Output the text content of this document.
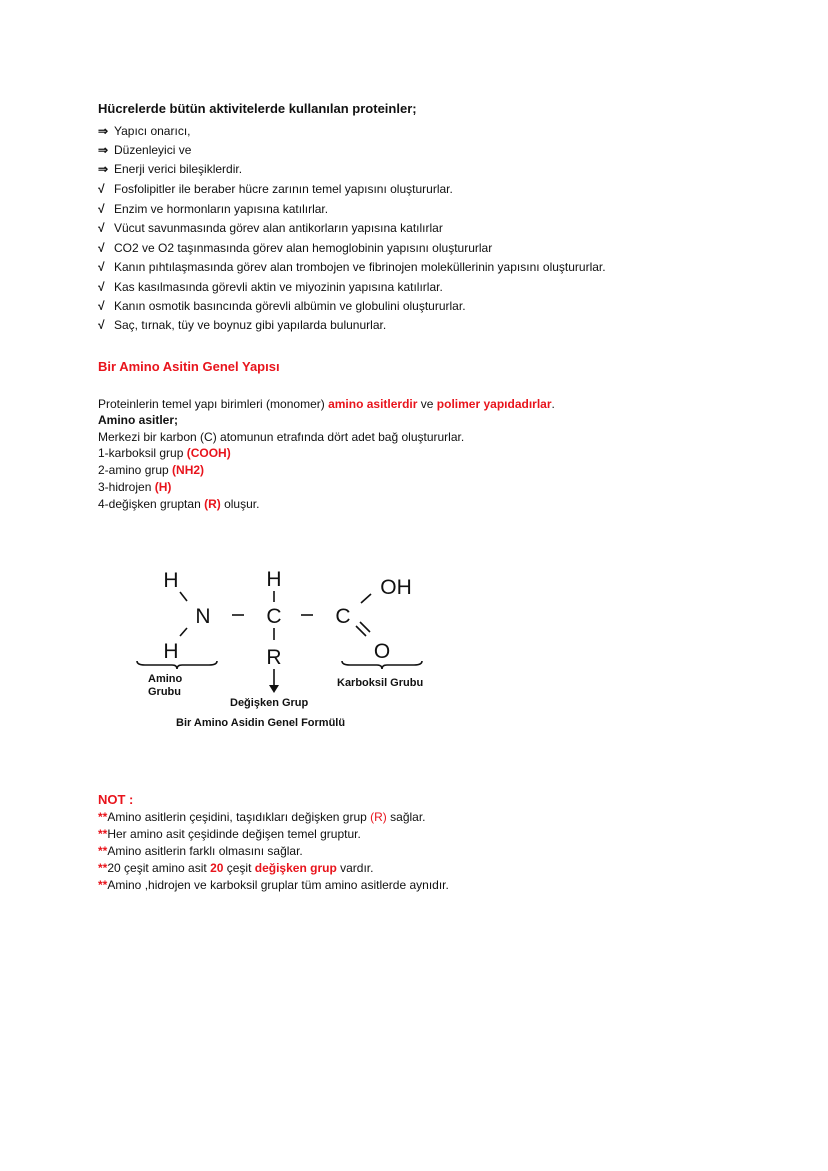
Hücrelerde bütün aktivitelerde kullanılan proteinler;
⇒ Yapıcı onarıcı,
⇒ Düzenleyici ve
⇒ Enerji verici bileşiklerdir.
√ Fosfolipitler ile beraber hücre zarının temel yapısını oluştururlar.
√ Enzim ve hormonların yapısına katılırlar.
√ Vücut savunmasında görev alan antikorların yapısına katılırlar
√ CO2 ve O2 taşınmasında görev alan hemoglobinin yapısını oluştururlar
√ Kanın pıhtılaşmasında görev alan trombojen ve fibrinojen moleküllerinin yapısını oluştururlar.
√ Kas kasılmasında görevli aktin ve miyozinin yapısına katılırlar.
√ Kanın osmotik basıncında görevli albümin ve globulini oluştururlar.
√ Saç, tırnak, tüy ve boynuz gibi yapılarda bulunurlar.
Bir Amino Asitin Genel Yapısı
Proteinlerin temel yapı birimleri (monomer) amino asitlerdir ve polimer yapıdadırlar.
Amino asitler;
Merkezi bir karbon (C) atomunun etrafında dört adet bağ oluştururlar.
1-karboksil grup (COOH)
2-amino grup (NH2)
3-hidrojen (H)
4-değişken gruptan (R) oluşur.
H
N
H
H
C
R
C
OH
O
Amino
Grubu
Karboksil Grubu
Değişken Grup
Bir Amino Asidin Genel Formülü
NOT :
**Amino asitlerin çeşidini, taşıdıkları değişken grup (R) sağlar.
**Her amino asit çeşidinde değişen temel gruptur.
**Amino asitlerin farklı olmasını sağlar.
**20 çeşit amino asit 20 çeşit değişken grup vardır.
**Amino ,hidrojen ve karboksil gruplar tüm amino asitlerde aynıdır.
